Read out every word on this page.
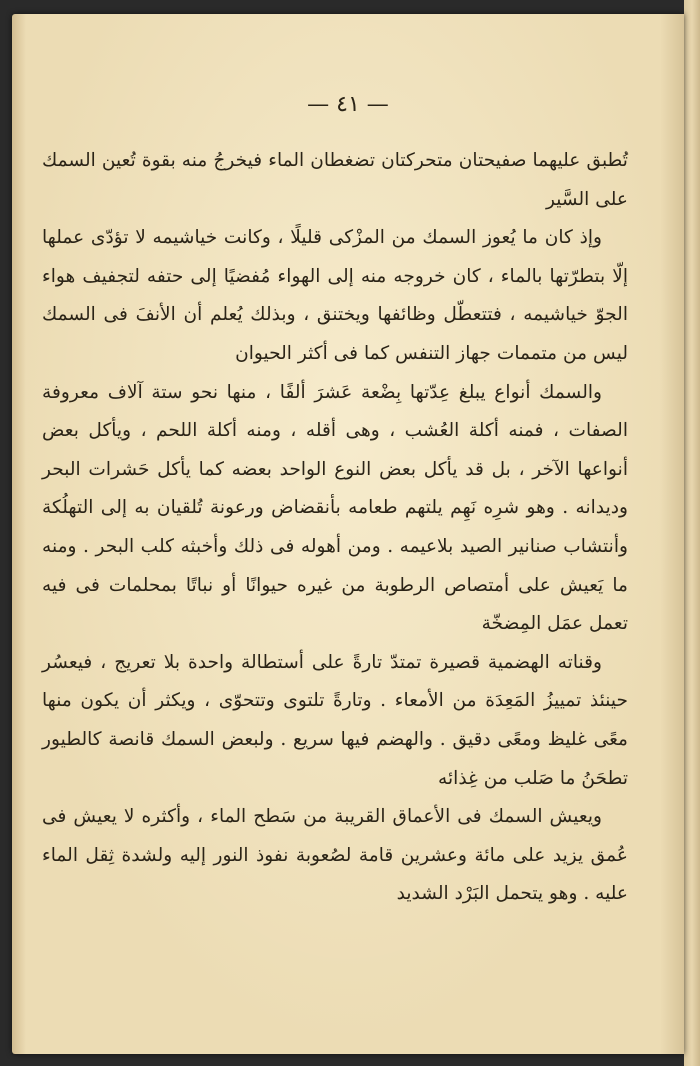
— ٤١ —

تُطبق عليهما صفيحتان متحركتان تضغطان الماء فيخرجُ منه بقوة تُعين السمك على السَّير

وإذ كان ما يُعوز السمك من المزْكى قليلًا ، وكانت خياشيمه لا تؤدّى عملها إلّا بتطرّتها بالماء ، كان خروجه منه إلى الهواء مُفضيًا إلى حتفه لتجفيف هواء الجوّ خياشيمه ، فتتعطّل وظائفها ويختنق ، وبذلك يُعلم أن الأنفَ فى السمك ليس من متممات جهاز التنفس كما فى أكثر الحيوان

والسمك أنواع يبلغ عِدّتها بِضْعة عَشرَ ألفًا ، منها نحو ستة آلاف معروفة الصفات ، فمنه أكلة العُشب ، وهى أقله ، ومنه أكلة اللحم ، ويأكل بعض أنواعها الآخر ، بل قد يأكل بعض النوع الواحد بعضه كما يأكل حَشرات البحر وديدانه . وهو شرِه نَهِم يلتهم طعامه بأنقضاض ورعونة تُلقيان به إلى التهلُكة وأنتشاب صنانير الصيد بلاعيمه . ومن أهوله فى ذلك وأخبثه كلب البحر . ومنه ما يَعيش على أمتصاص الرطوبة من غيره حيوانًا أو نباتًا بمحلمات فى فيه تعمل عمَل المِضخّة

وقناته الهضمية قصيرة تمتدّ تارةً على أستطالة واحدة بلا تعريج ، فيعسُر حينئذ تمييزُ المَعِدَة من الأمعاء . وتارةً تلتوى وتتحوّى ، ويكثر أن يكون منها معًى غليظ ومعًى دقيق . والهضم فيها سريع . ولبعض السمك قانصة كالطيور تطحَنُ ما صَلب من غِذائه

ويعيش السمك فى الأعماق القريبة من سَطح الماء ، وأكثره لا يعيش فى عُمق يزيد على مائة وعشرين قامة لصُعوبة نفوذ النور إليه ولشدة ثِقل الماء عليه . وهو يتحمل البَرْد الشديد
